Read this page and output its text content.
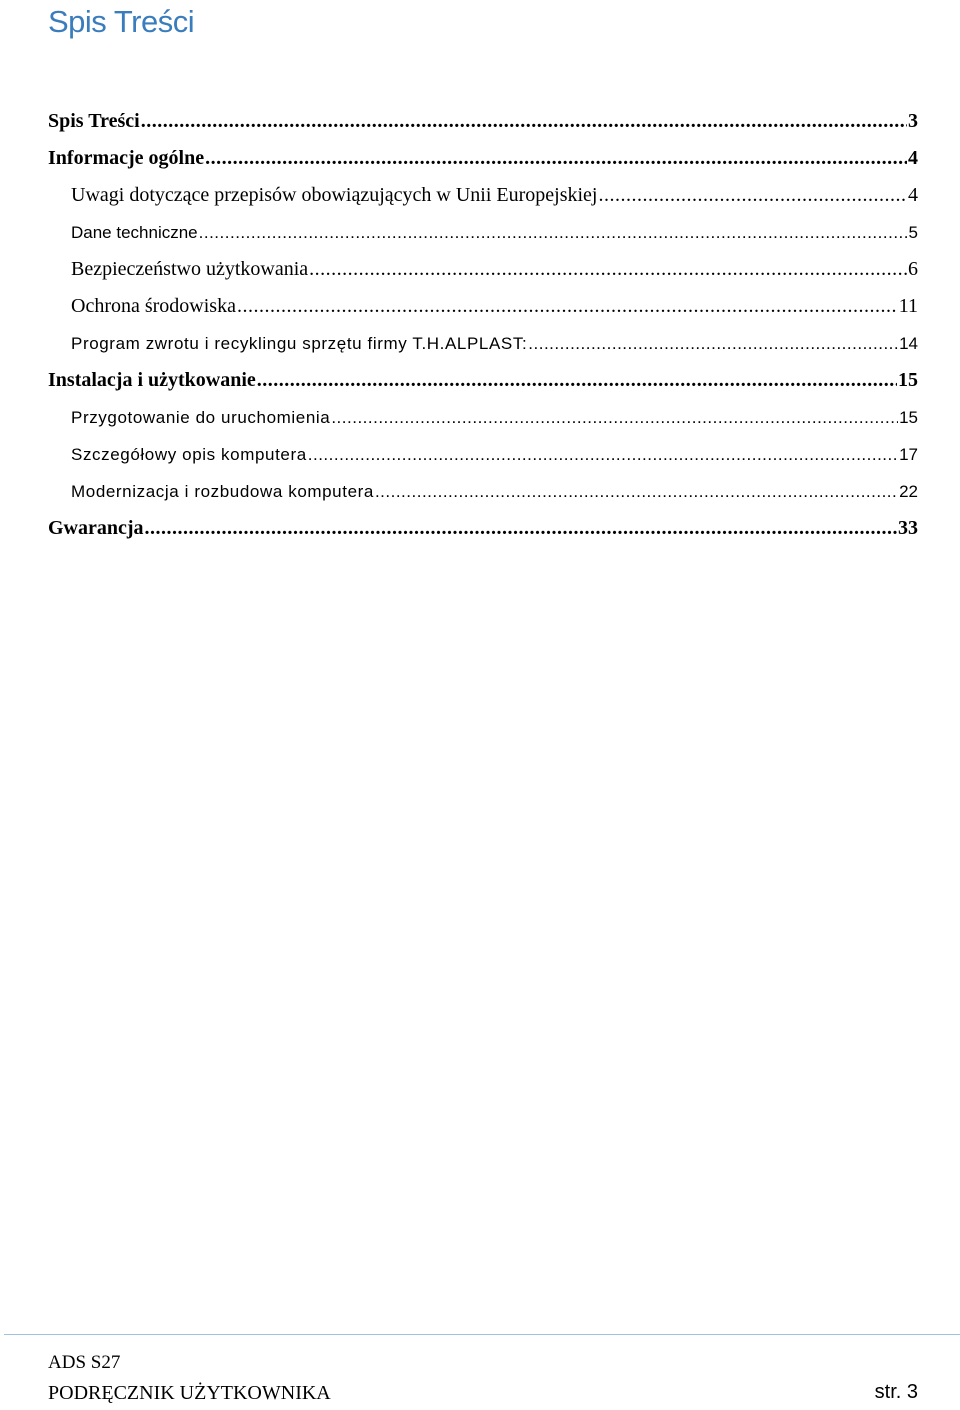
Spis Treści
Spis Treści .....	3
Informacje ogólne .....	4
Uwagi dotyczące przepisów obowiązujących w Unii Europejskiej .....	4
Dane techniczne .....	5
Bezpieczeństwo użytkowania .....	6
Ochrona środowiska .....	11
Program zwrotu i recyklingu sprzętu firmy T.H.ALPLAST: .....	14
Instalacja i użytkowanie .....	15
Przygotowanie do uruchomienia .....	15
Szczegółowy opis komputera .....	17
Modernizacja i rozbudowa komputera .....	22
Gwarancja .....	33
ADS S27
PODRĘCZNIK UŻYTKOWNIKA	str. 3
